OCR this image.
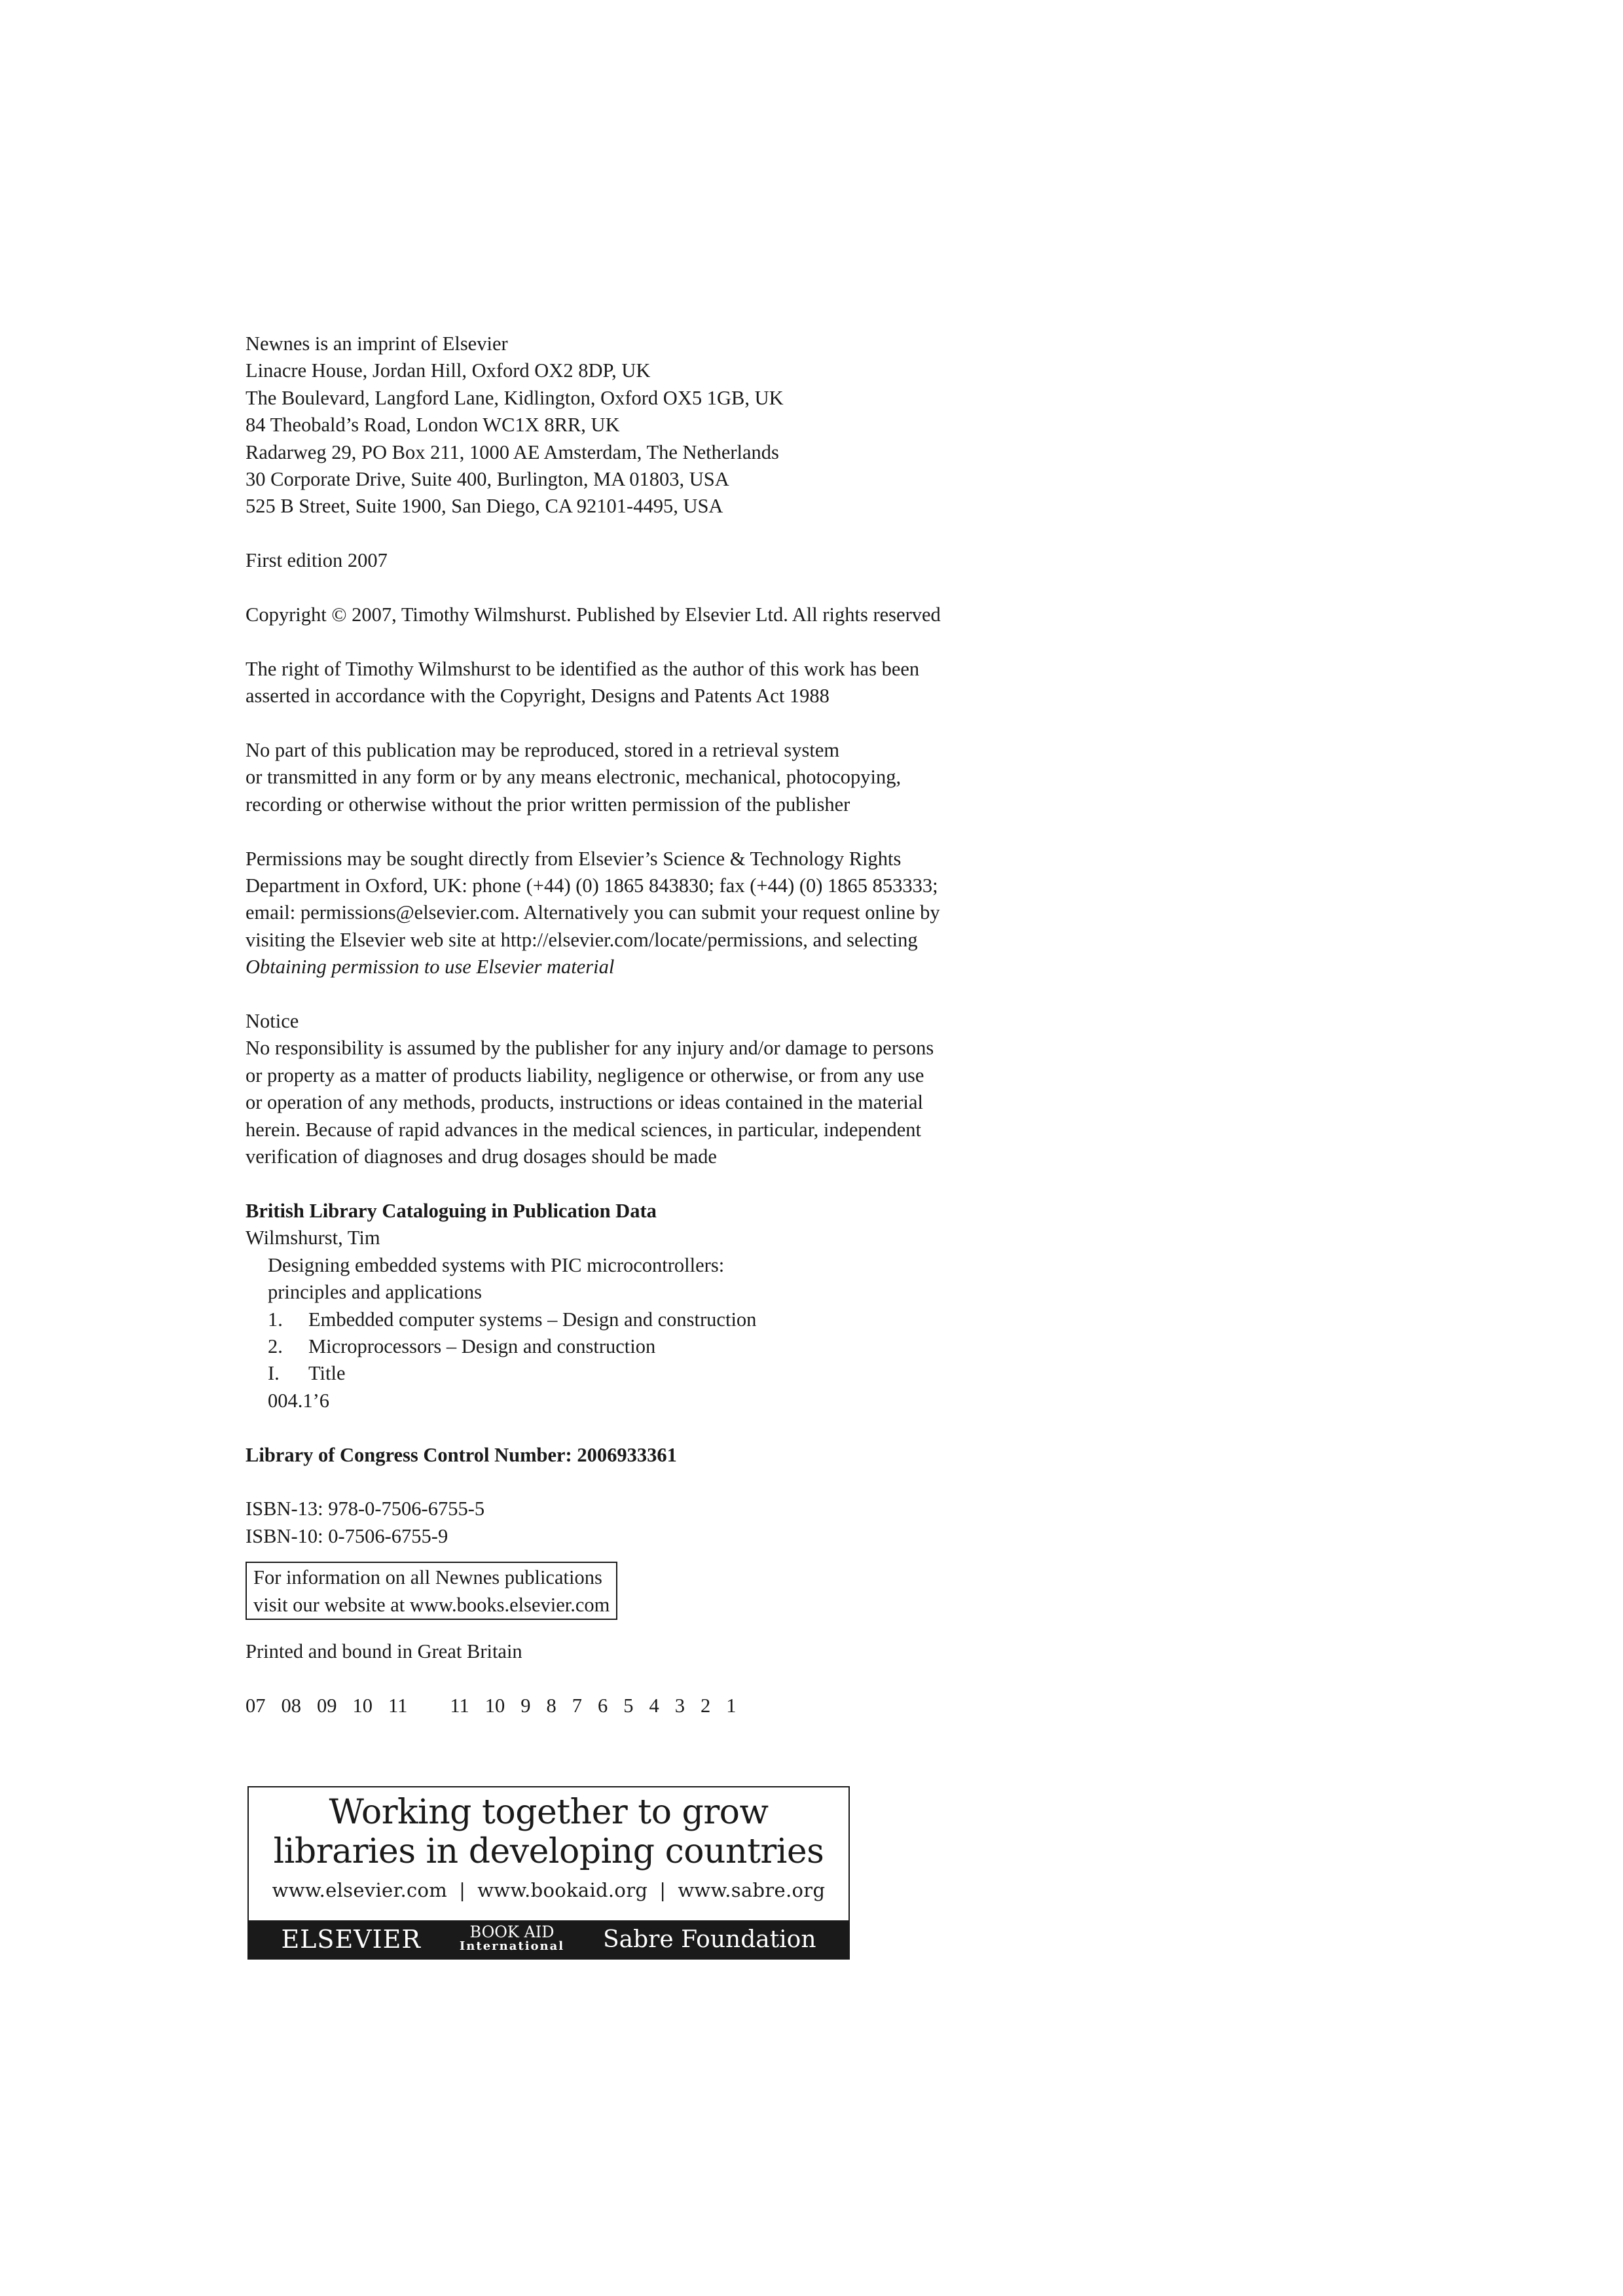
Newnes is an imprint of Elsevier
Linacre House, Jordan Hill, Oxford OX2 8DP, UK
The Boulevard, Langford Lane, Kidlington, Oxford OX5 1GB, UK
84 Theobald’s Road, London WC1X 8RR, UK
Radarweg 29, PO Box 211, 1000 AE Amsterdam, The Netherlands
30 Corporate Drive, Suite 400, Burlington, MA 01803, USA
525 B Street, Suite 1900, San Diego, CA 92101-4495, USA
First edition 2007
Copyright © 2007, Timothy Wilmshurst. Published by Elsevier Ltd. All rights reserved
The right of Timothy Wilmshurst to be identified as the author of this work has been
asserted in accordance with the Copyright, Designs and Patents Act 1988
No part of this publication may be reproduced, stored in a retrieval system
or transmitted in any form or by any means electronic, mechanical, photocopying,
recording or otherwise without the prior written permission of the publisher
Permissions may be sought directly from Elsevier’s Science & Technology Rights
Department in Oxford, UK: phone (+44) (0) 1865 843830; fax (+44) (0) 1865 853333;
email: permissions@elsevier.com. Alternatively you can submit your request online by
visiting the Elsevier web site at http://elsevier.com/locate/permissions, and selecting
Obtaining permission to use Elsevier material
Notice
No responsibility is assumed by the publisher for any injury and/or damage to persons
or property as a matter of products liability, negligence or otherwise, or from any use
or operation of any methods, products, instructions or ideas contained in the material
herein. Because of rapid advances in the medical sciences, in particular, independent
verification of diagnoses and drug dosages should be made
British Library Cataloguing in Publication Data
Wilmshurst, Tim
Designing embedded systems with PIC microcontrollers:
principles and applications
1. Embedded computer systems – Design and construction
2. Microprocessors – Design and construction
I. Title
004.1’6
Library of Congress Control Number: 2006933361
ISBN-13: 978-0-7506-6755-5
ISBN-10: 0-7506-6755-9
For information on all Newnes publications
visit our website at www.books.elsevier.com
Printed and bound in Great Britain
07 08 09 10 11 11 10 9 8 7 6 5 4 3 2 1
Working together to grow
libraries in developing countries
www.elsevier.com | www.bookaid.org | www.sabre.org
ELSEVIER	BOOK AID
International Sabre Foundation
